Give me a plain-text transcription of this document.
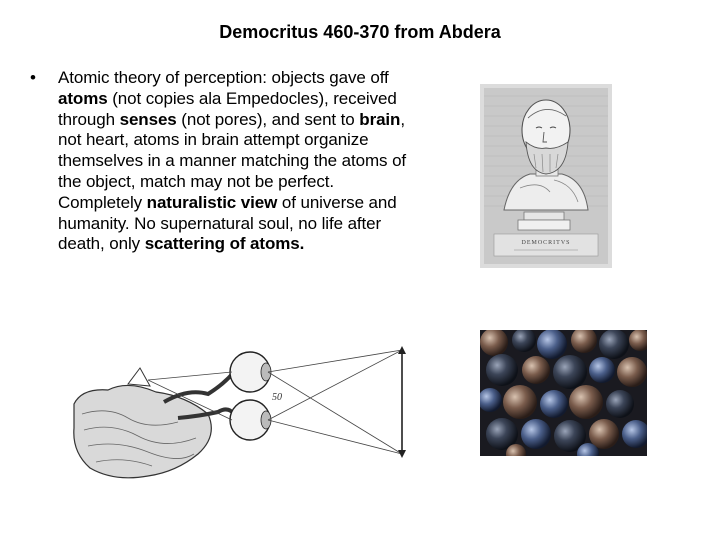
Democritus 460-370 from Abdera
• Atomic theory of perception: objects gave off atoms (not copies ala Empedocles), received through senses (not pores), and sent to brain, not heart, atoms in brain attempt organize themselves in a manner matching the atoms of the object, match may not be perfect. Completely naturalistic view of universe and humanity. No supernatural soul, no life after death, only scattering of atoms.	DEMOCRITVS
50
